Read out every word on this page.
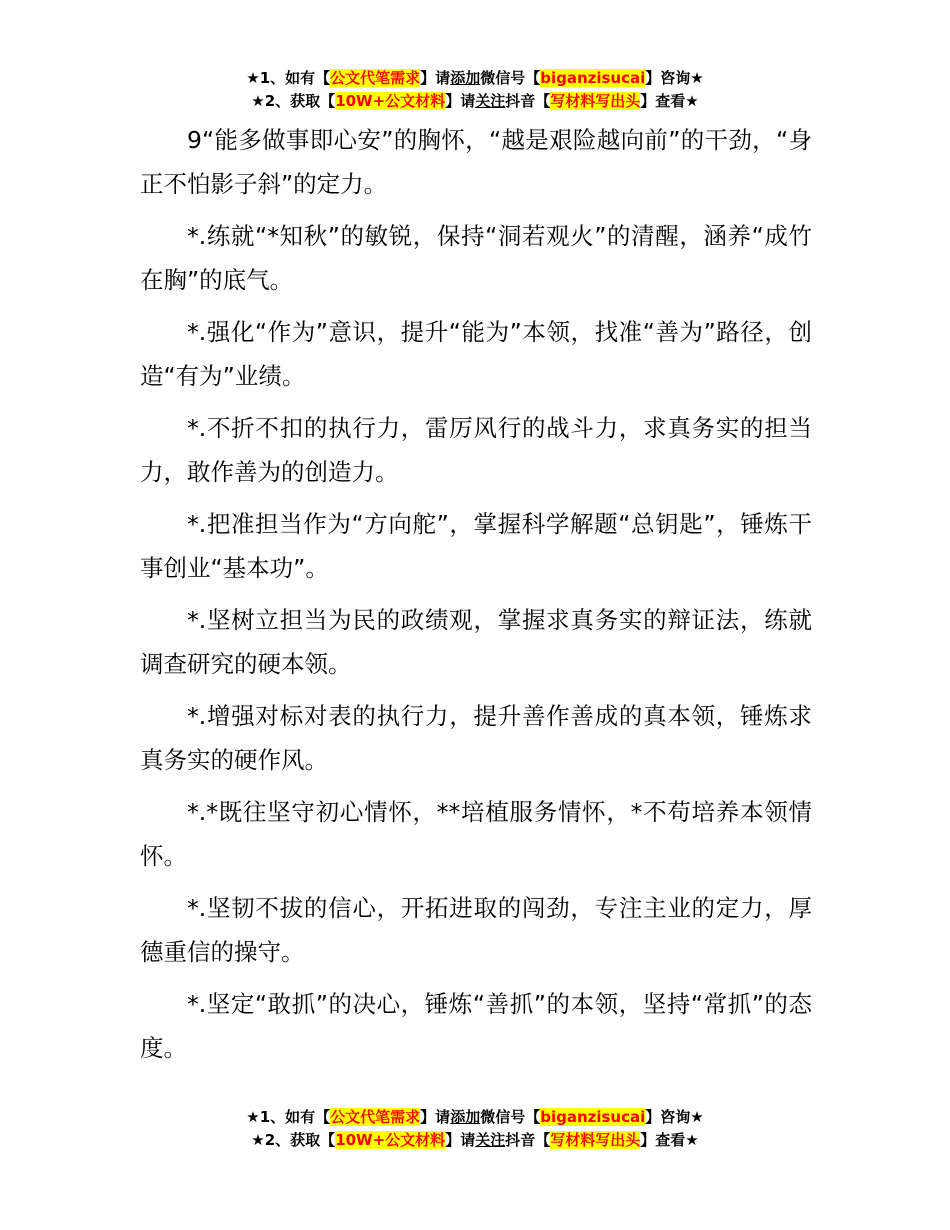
★1、如有【公文代笔需求】请添加微信号【biganzisucai】咨询★
★2、获取【10W+公文材料】请关注抖音【写材料写出头】查看★

9“能多做事即心安”的胸怀，“越是艰险越向前”的干劲，“身正不怕影子斜”的定力。

*.练就“*知秋”的敏锐，保持“洞若观火”的清醒，涵养“成竹在胸”的底气。

*.强化“作为”意识，提升“能为”本领，找准“善为”路径，创造“有为”业绩。

*.不折不扣的执行力，雷厉风行的战斗力，求真务实的担当力，敢作善为的创造力。

*.把准担当作为“方向舵”，掌握科学解题“总钥匙”，锤炼干事创业“基本功”。

*.坚树立担当为民的政绩观，掌握求真务实的辩证法，练就调查研究的硬本领。

*.增强对标对表的执行力，提升善作善成的真本领，锤炼求真务实的硬作风。

*.*既往坚守初心情怀，**培植服务情怀，*不苟培养本领情怀。

*.坚韧不拔的信心，开拓进取的闯劲，专注主业的定力，厚德重信的操守。

*.坚定“敢抓”的决心，锤炼“善抓”的本领，坚持“常抓”的态度。

★1、如有【公文代笔需求】请添加微信号【biganzisucai】咨询★
★2、获取【10W+公文材料】请关注抖音【写材料写出头】查看★
